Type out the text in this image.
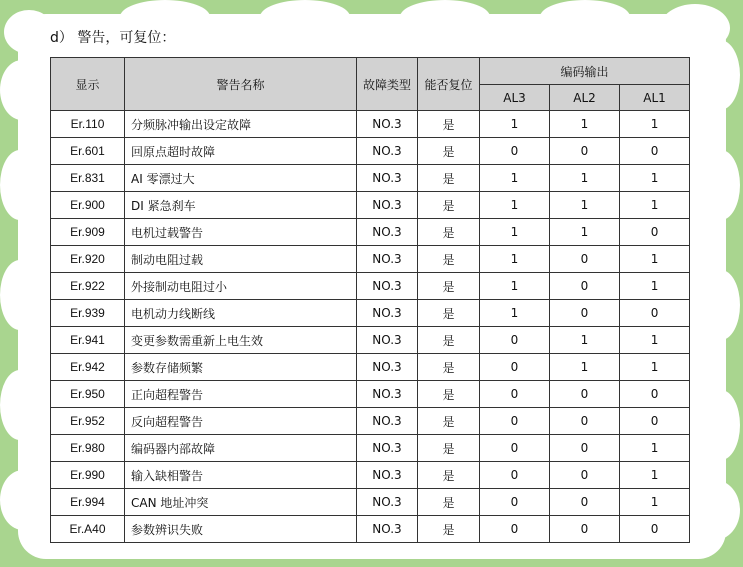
d） 警告，可复位：
显示	警告名称	故障类型	能否复位	编码输出		
				AL3	AL2	AL1
Er.110	分频脉冲输出设定故障	NO.3	是	1	1	1
Er.601	回原点超时故障	NO.3	是	0	0	0
Er.831	AI 零漂过大	NO.3	是	1	1	1
Er.900	DI 紧急刹车	NO.3	是	1	1	1
Er.909	电机过载警告	NO.3	是	1	1	0
Er.920	制动电阻过载	NO.3	是	1	0	1
Er.922	外接制动电阻过小	NO.3	是	1	0	1
Er.939	电机动力线断线	NO.3	是	1	0	0
Er.941	变更参数需重新上电生效	NO.3	是	0	1	1
Er.942	参数存储频繁	NO.3	是	0	1	1
Er.950	正向超程警告	NO.3	是	0	0	0
Er.952	反向超程警告	NO.3	是	0	0	0
Er.980	编码器内部故障	NO.3	是	0	0	1
Er.990	输入缺相警告	NO.3	是	0	0	1
Er.994	CAN 地址冲突	NO.3	是	0	0	1
Er.A40	参数辨识失败	NO.3	是	0	0	0
